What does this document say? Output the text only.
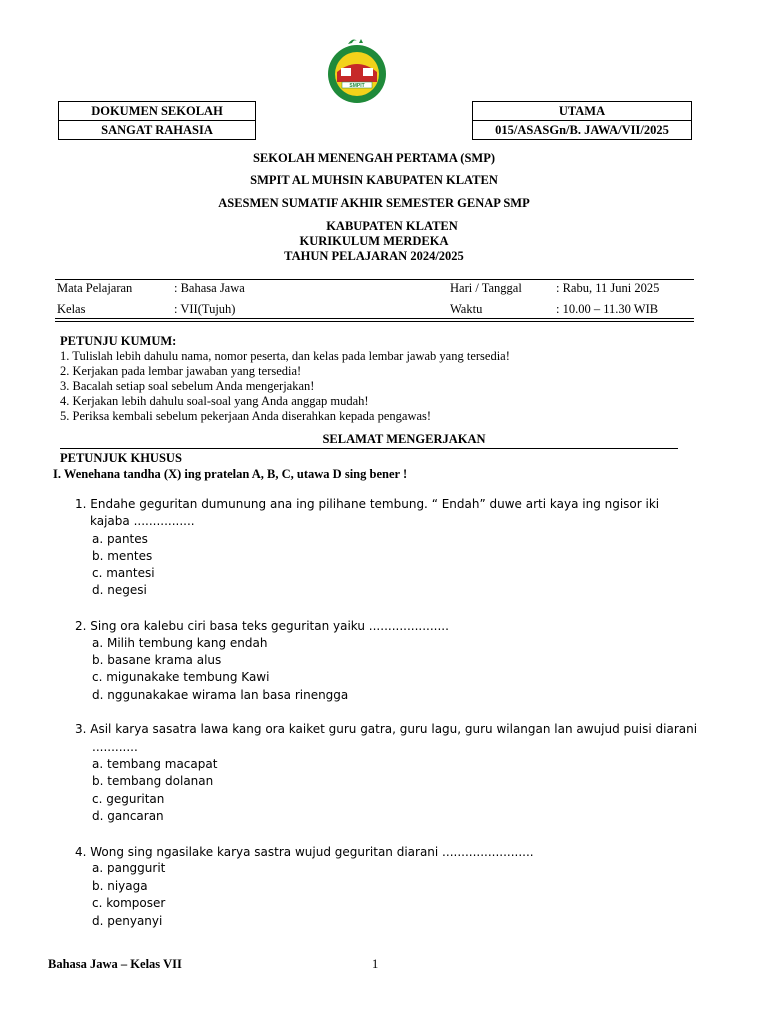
SMPIT
DOKUMEN SEKOLAH
SANGAT RAHASIA
UTAMA
015/ASASGn/B. JAWA/VII/2025
SEKOLAH MENENGAH PERTAMA (SMP)
SMPIT AL MUHSIN KABUPATEN KLATEN
ASESMEN SUMATIF AKHIR SEMESTER GENAP SMP
KABUPATEN KLATEN
KURIKULUM MERDEKA
TAHUN PELAJARAN 2024/2025
Mata Pelajaran	: Bahasa Jawa	Hari / Tanggal	: Rabu, 11 Juni 2025
Kelas	: VII(Tujuh)	Waktu	: 10.00 – 11.30 WIB
PETUNJU KUMUM:
1. Tulislah lebih dahulu nama, nomor peserta, dan kelas pada lembar jawab yang tersedia!
2. Kerjakan pada lembar jawaban yang tersedia!
3. Bacalah setiap soal sebelum Anda mengerjakan!
4. Kerjakan lebih dahulu soal-soal yang Anda anggap mudah!
5. Periksa kembali sebelum pekerjaan Anda diserahkan kepada pengawas!
SELAMAT MENGERJAKAN
PETUNJUK KHUSUS
I. Wenehana tandha (X) ing pratelan A, B, C, utawa D sing bener !
1. Endahe geguritan dumunung ana ing pilihane tembung. “ Endah” duwe arti kaya ing ngisor iki
kajaba ................
a. pantes
b. mentes
c. mantesi
d. negesi
2. Sing ora kalebu ciri basa teks geguritan yaiku .....................
a. Milih tembung kang endah
b. basane krama alus
c. migunakake tembung Kawi
d. nggunakakae wirama lan basa rinengga
3. Asil karya sasatra lawa kang ora kaiket guru gatra, guru lagu, guru wilangan lan awujud puisi diarani
............
a. tembang macapat
b. tembang dolanan
c. geguritan
d. gancaran
4. Wong sing ngasilake karya sastra wujud geguritan diarani ........................
a. panggurit
b. niyaga
c. komposer
d. penyanyi
Bahasa Jawa – Kelas VII	1
